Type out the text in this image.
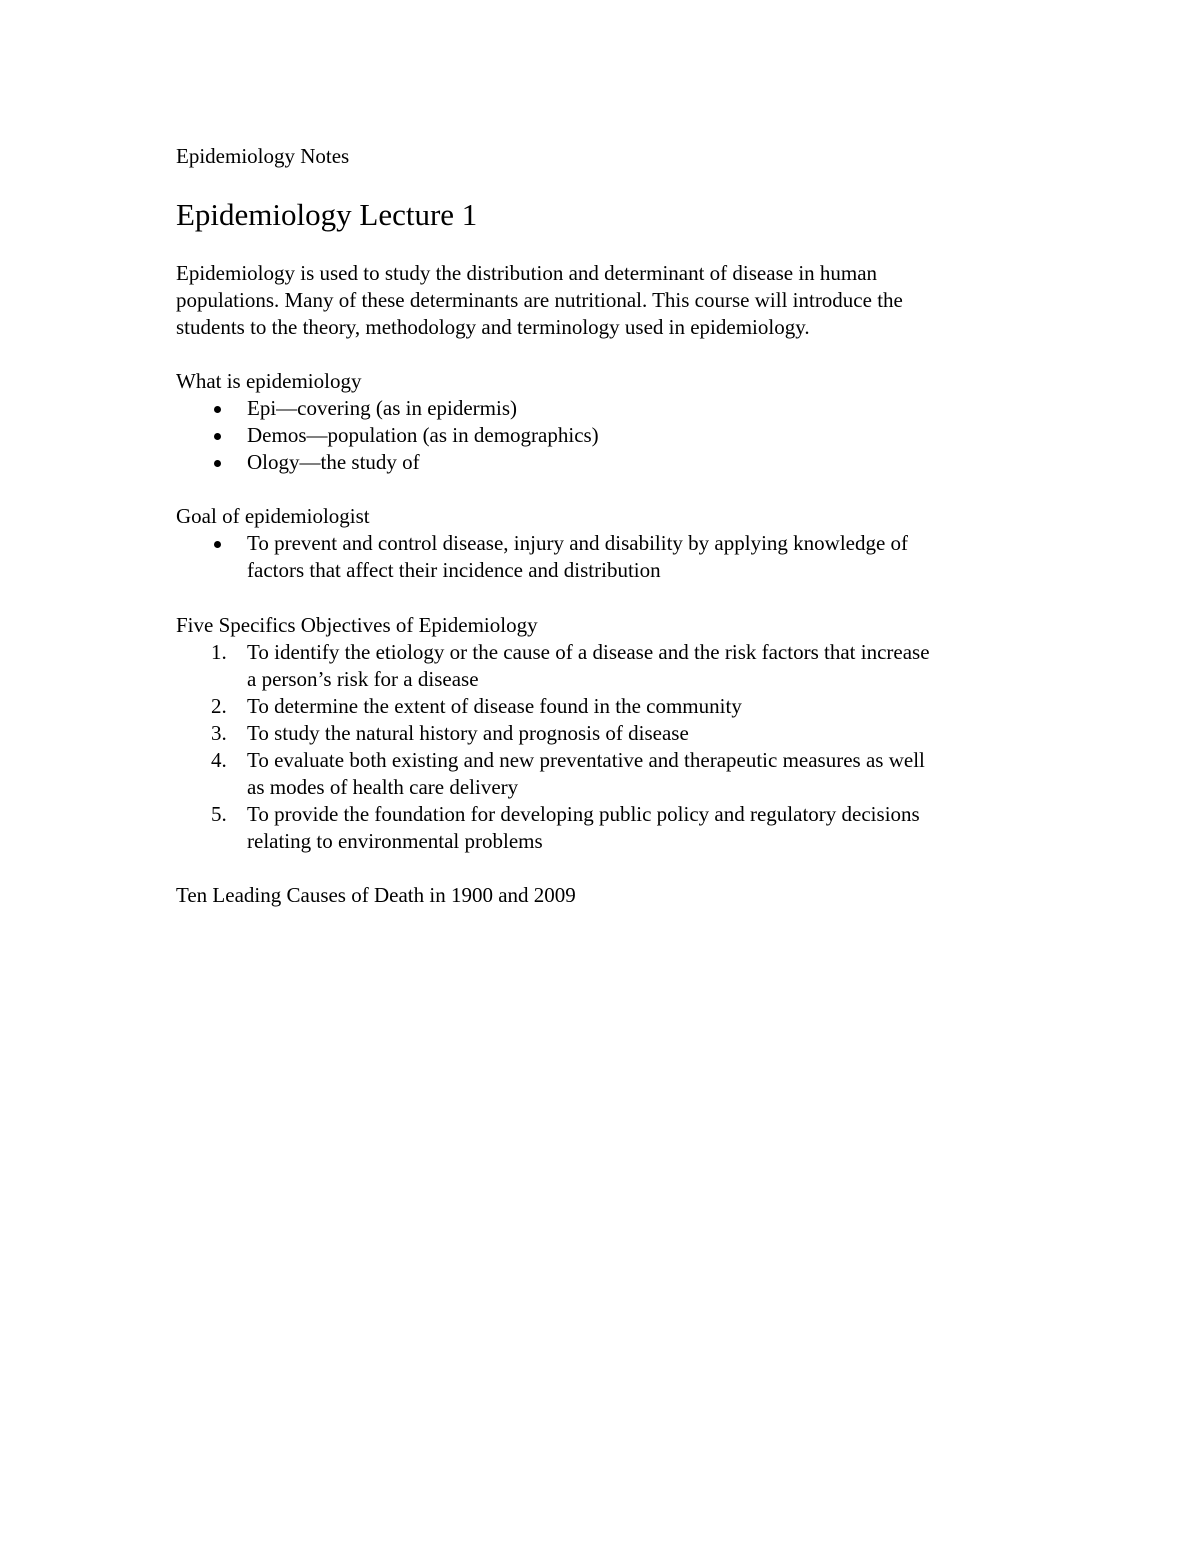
Epidemiology Notes
Epidemiology Lecture 1
Epidemiology is used to study the distribution and determinant of disease in human
populations. Many of these determinants are nutritional. This course will introduce the
students to the theory, methodology and terminology used in epidemiology.
What is epidemiology
Epi—covering (as in epidermis)
Demos—population (as in demographics)
Ology—the study of
Goal of epidemiologist
To prevent and control disease, injury and disability by applying knowledge of
factors that affect their incidence and distribution
Five Specifics Objectives of Epidemiology
1. To identify the etiology or the cause of a disease and the risk factors that increase
a person’s risk for a disease
2. To determine the extent of disease found in the community
3. To study the natural history and prognosis of disease
4. To evaluate both existing and new preventative and therapeutic measures as well
as modes of health care delivery
5. To provide the foundation for developing public policy and regulatory decisions
relating to environmental problems
Ten Leading Causes of Death in 1900 and 2009
